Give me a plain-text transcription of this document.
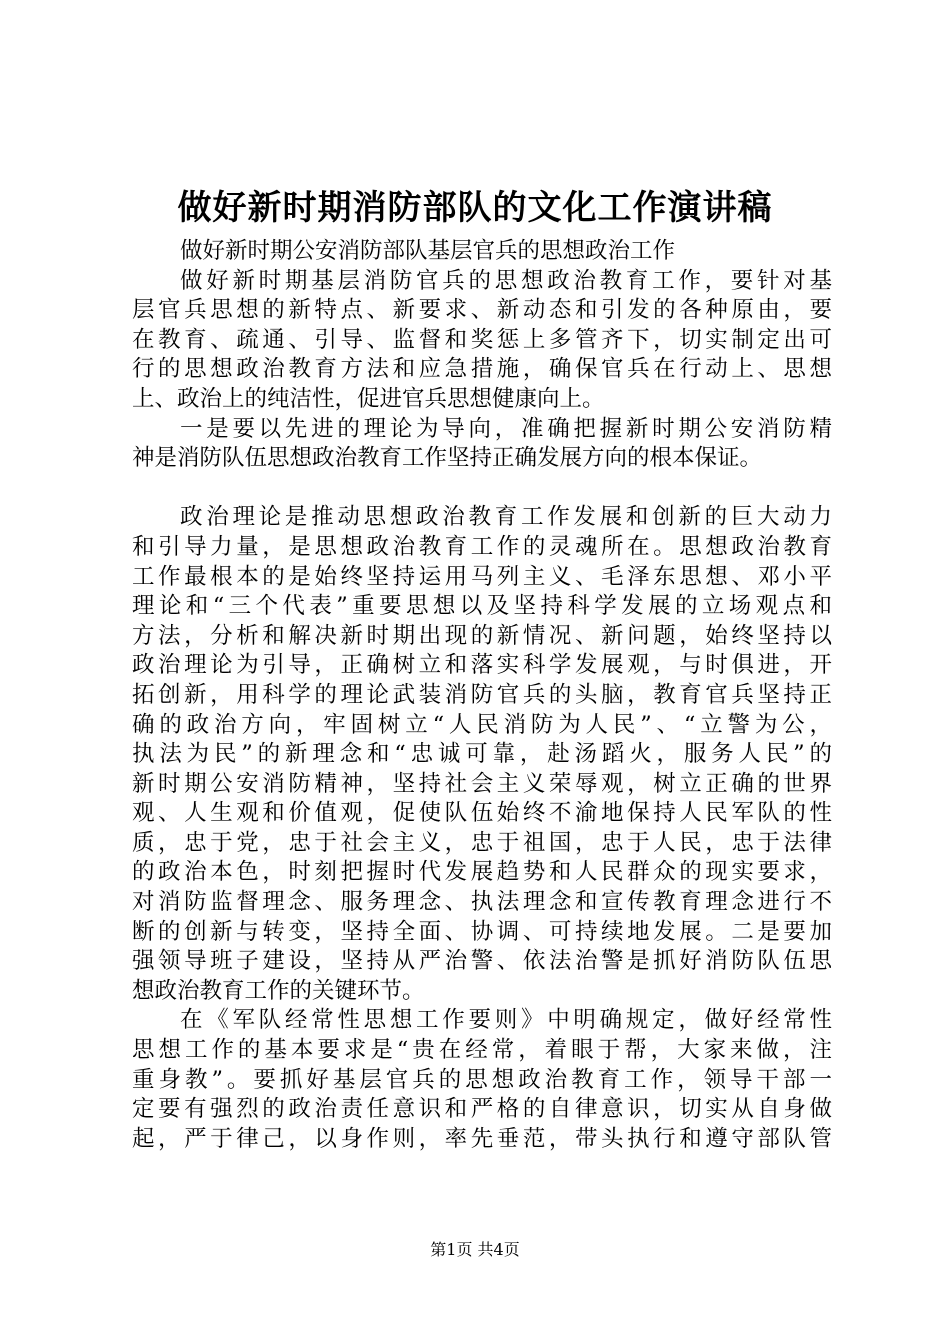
做好新时期消防部队的文化工作演讲稿
做好新时期公安消防部队基层官兵的思想政治工作
做好新时期基层消防官兵的思想政治教育工作，要针对基
层官兵思想的新特点、新要求、新动态和引发的各种原由，要
在教育、疏通、引导、监督和奖惩上多管齐下，切实制定出可
行的思想政治教育方法和应急措施，确保官兵在行动上、思想
上、政治上的纯洁性，促进官兵思想健康向上。
一是要以先进的理论为导向，准确把握新时期公安消防精
神是消防队伍思想政治教育工作坚持正确发展方向的根本保证。
政治理论是推动思想政治教育工作发展和创新的巨大动力
和引导力量，是思想政治教育工作的灵魂所在。思想政治教育
工作最根本的是始终坚持运用马列主义、毛泽东思想、邓小平
理论和“三个代表”重要思想以及坚持科学发展的立场观点和
方法，分析和解决新时期出现的新情况、新问题，始终坚持以
政治理论为引导，正确树立和落实科学发展观，与时俱进，开
拓创新，用科学的理论武装消防官兵的头脑，教育官兵坚持正
确的政治方向，牢固树立“人民消防为人民”、“立警为公，
执法为民”的新理念和“忠诚可靠，赴汤蹈火，服务人民”的
新时期公安消防精神，坚持社会主义荣辱观，树立正确的世界
观、人生观和价值观，促使队伍始终不渝地保持人民军队的性
质，忠于党，忠于社会主义，忠于祖国，忠于人民，忠于法律
的政治本色，时刻把握时代发展趋势和人民群众的现实要求，
对消防监督理念、服务理念、执法理念和宣传教育理念进行不
断的创新与转变，坚持全面、协调、可持续地发展。二是要加
强领导班子建设，坚持从严治警、依法治警是抓好消防队伍思
想政治教育工作的关键环节。
在《军队经常性思想工作要则》中明确规定，做好经常性
思想工作的基本要求是“贵在经常，着眼于帮，大家来做，注
重身教”。要抓好基层官兵的思想政治教育工作，领导干部一
定要有强烈的政治责任意识和严格的自律意识，切实从自身做
起，严于律己，以身作则，率先垂范，带头执行和遵守部队管
第1页 共4页
